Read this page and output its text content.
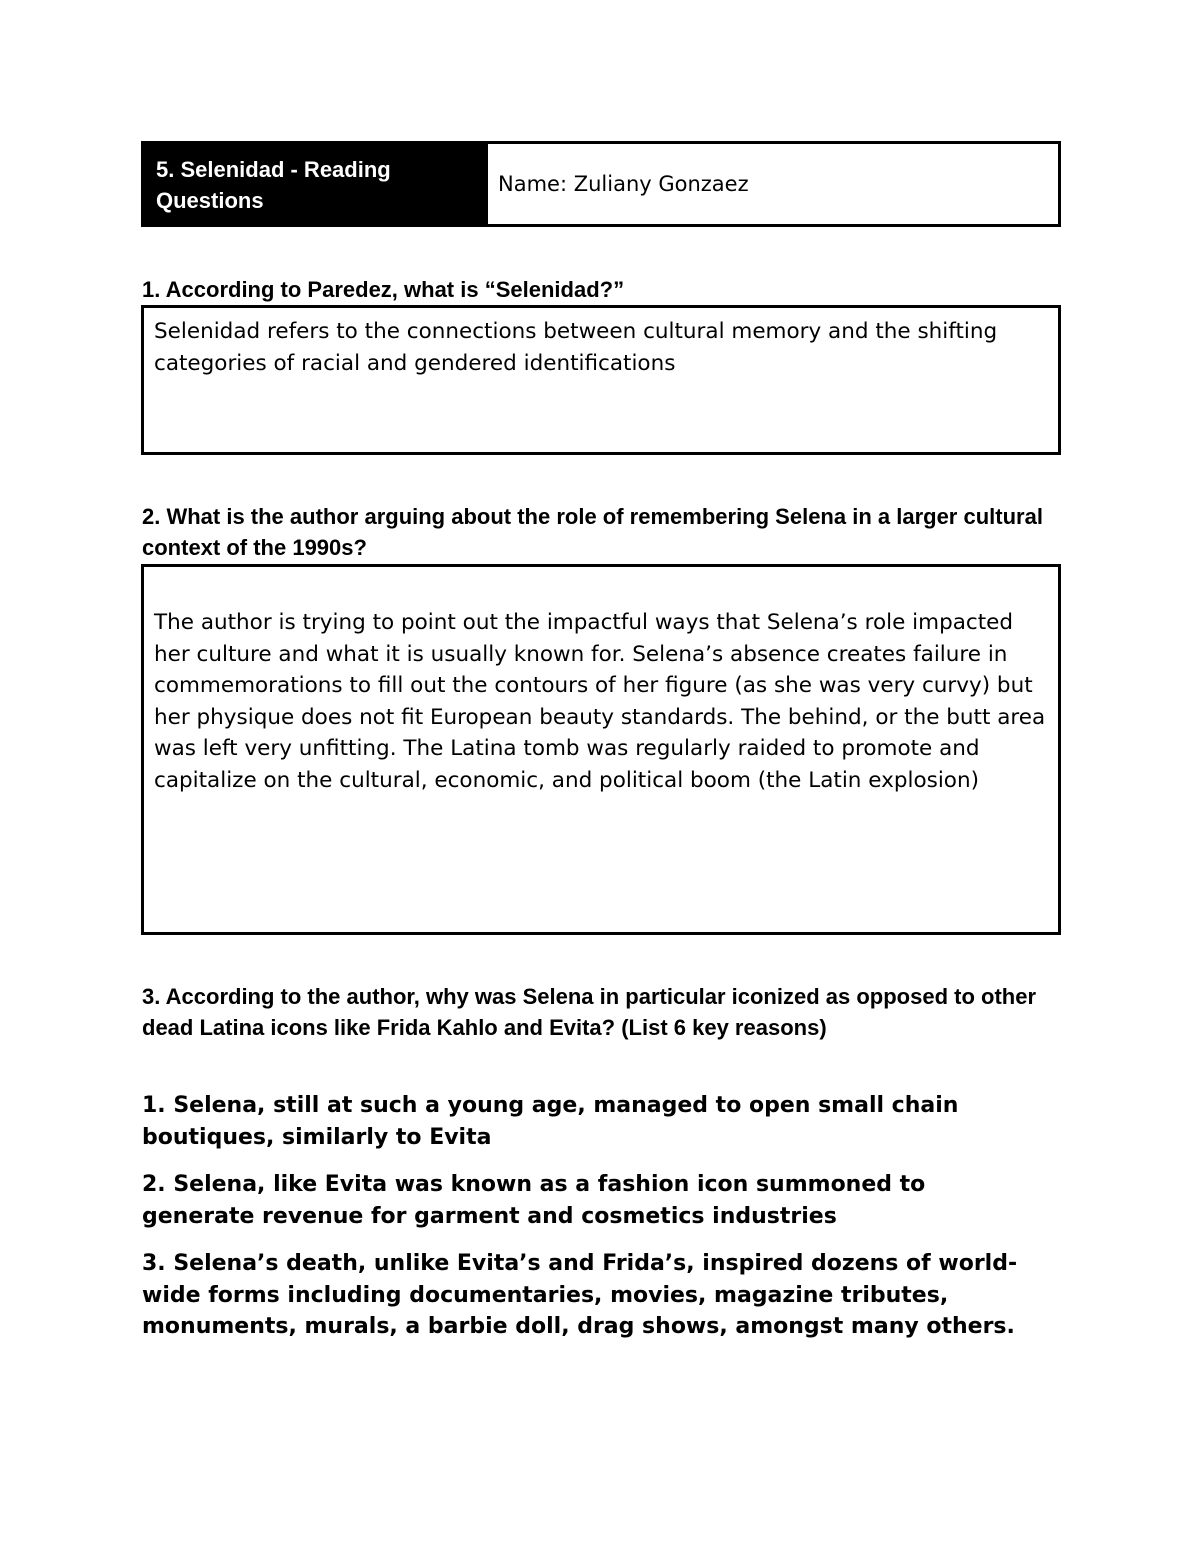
5. Selenidad - Reading Questions
Name: Zuliany Gonzaez
1. According to Paredez, what is “Selenidad?”
Selenidad refers to the connections between cultural memory and the shifting categories of racial and gendered identifications
2. What is the author arguing about the role of remembering Selena in a larger cultural context of the 1990s?
The author is trying to point out the impactful ways that Selena’s role impacted her culture and what it is usually known for. Selena’s absence creates failure in commemorations to fill out the contours of her figure (as she was very curvy) but her physique does not fit European beauty standards. The behind, or the butt area was left very unfitting. The Latina tomb was regularly raided to promote and capitalize on the cultural, economic, and political boom (the Latin explosion)
3. According to the author, why was Selena in particular iconized as opposed to other dead Latina icons like Frida Kahlo and Evita? (List 6 key reasons)
1. Selena, still at such a young age, managed to open small chain boutiques, similarly to Evita
2. Selena, like Evita was known as a fashion icon summoned to generate revenue for garment and cosmetics industries
3. Selena’s death, unlike Evita’s and Frida’s, inspired dozens of world-wide forms including documentaries, movies, magazine tributes, monuments, murals, a barbie doll, drag shows, amongst many others.
